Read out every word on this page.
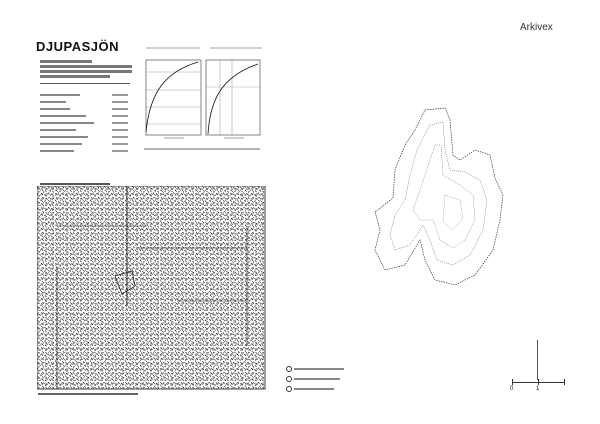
Arkivex
DJUPASJÖN
0	1
